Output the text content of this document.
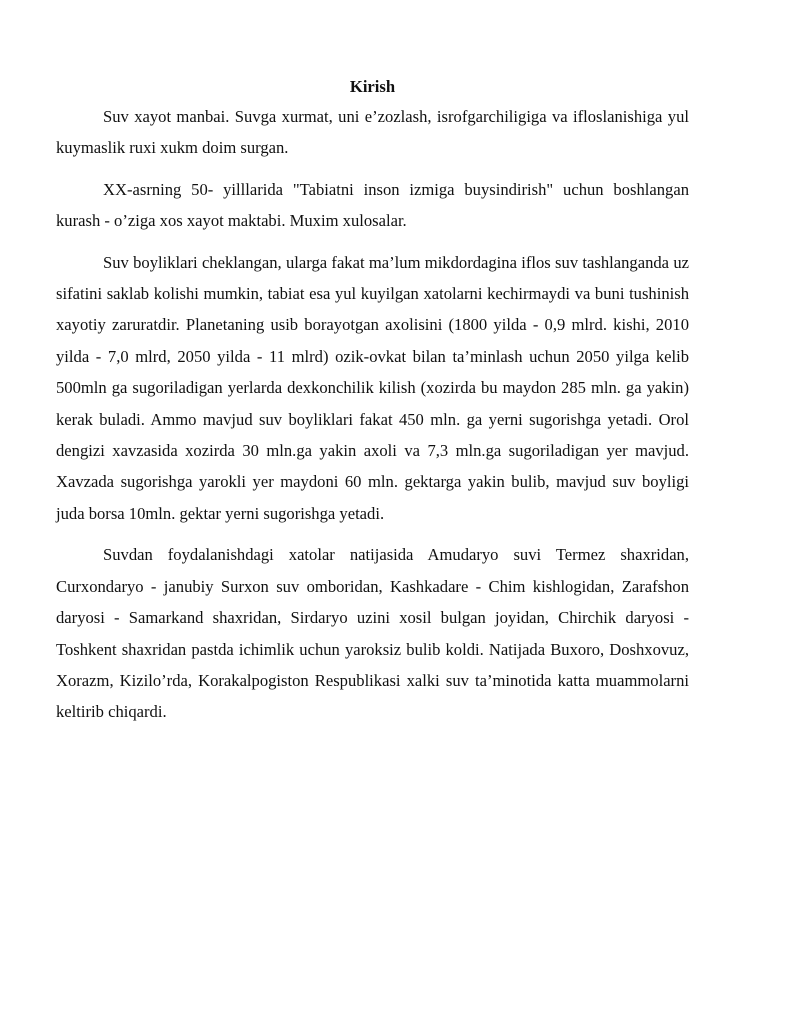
Kirish

Suv xayot manbai. Suvga xurmat, uni e’zozlash, isrofgarchiligiga va ifloslanishiga yul kuymaslik ruxi xukm doim surgan.

XX-asrning 50- yilllarida "Tabiatni inson izmiga buysindirish" uchun boshlangan kurash - o’ziga xos xayot maktabi. Muxim xulosalar.

Suv boyliklari cheklangan, ularga fakat ma’lum mikdordagina iflos suv tashlanganda uz sifatini saklab kolishi mumkin, tabiat esa yul kuyilgan xatolarni kechirmaydi va buni tushinish xayotiy zaruratdir. Planetaning usib borayotgan axolisini (1800 yilda - 0,9 mlrd. kishi, 2010 yilda - 7,0 mlrd, 2050 yilda - 11 mlrd) ozik-ovkat bilan ta’minlash uchun 2050 yilga kelib 500mln ga sugoriladigan yerlarda dexkonchilik kilish (xozirda bu maydon 285 mln. ga yakin) kerak buladi. Ammo mavjud suv boyliklari fakat 450 mln. ga yerni sugorishga yetadi. Orol dengizi xavzasida xozirda 30 mln.ga yakin axoli va 7,3 mln.ga sugoriladigan yer mavjud. Xavzada sugorishga yarokli yer maydoni 60 mln. gektarga yakin bulib, mavjud suv boyligi juda borsa 10mln. gektar yerni sugorishga yetadi.

Suvdan foydalanishdagi xatolar natijasida Amudaryo suvi Termez shaxridan, Curxondaryo - janubiy Surxon suv omboridan, Kashkadare - Chim kishlogidan, Zarafshon daryosi - Samarkand shaxridan, Sirdaryo uzini xosil bulgan joyidan, Chirchik daryosi - Toshkent shaxridan pastda ichimlik uchun yaroksiz bulib koldi. Natijada Buxoro, Doshxovuz, Xorazm, Kizilo’rda, Korakalpogiston Respublikasi xalki suv ta’minotida katta muammolarni keltirib chiqardi.
